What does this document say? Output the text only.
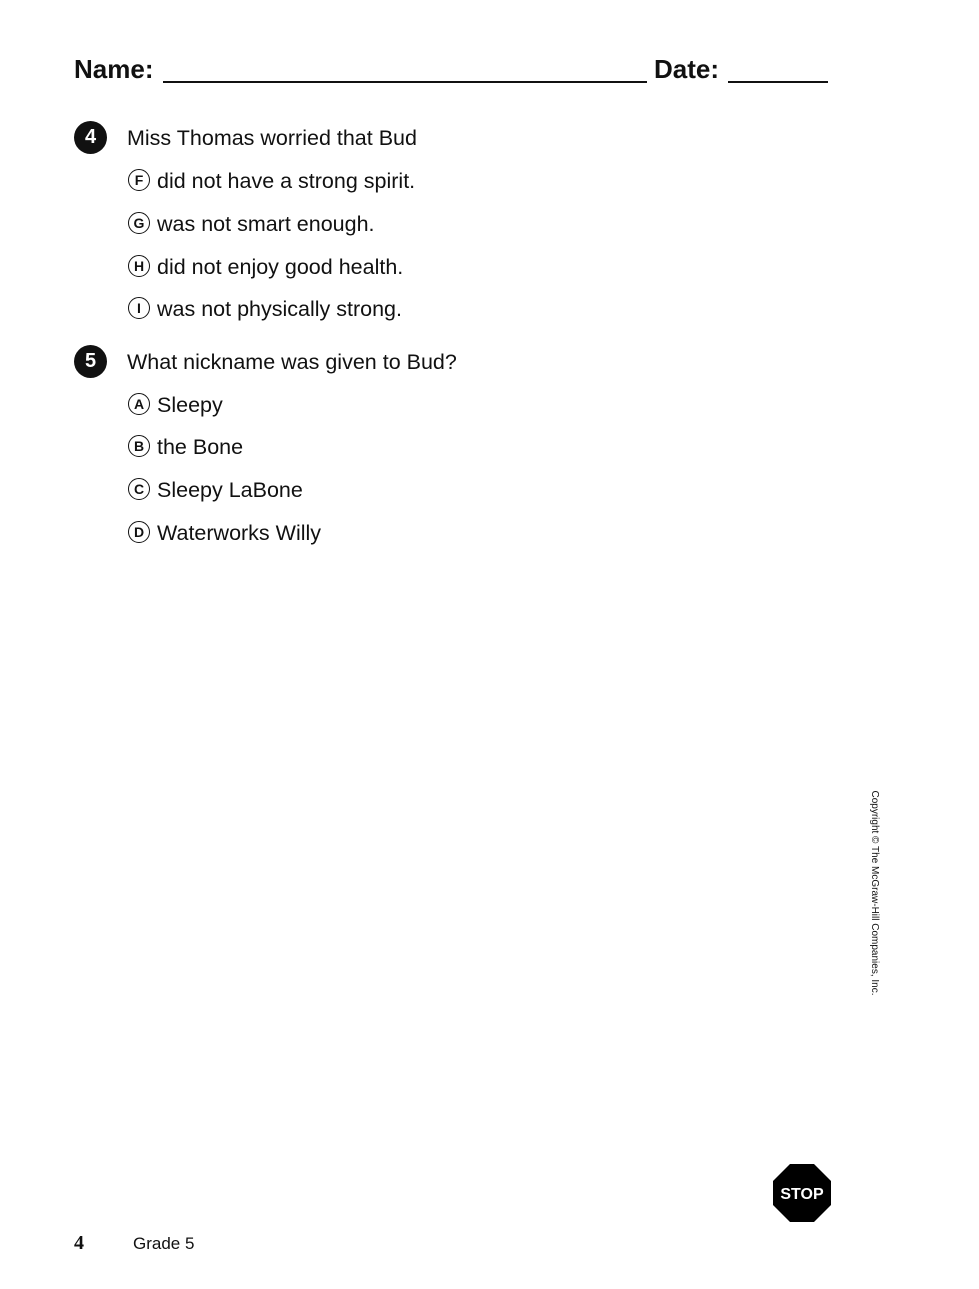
Name:	Date:
4	Miss Thomas worried that Bud
F did not have a strong spirit.
G was not smart enough.
H did not enjoy good health.
I was not physically strong.
5	What nickname was given to Bud?
A Sleepy
B the Bone
C Sleepy LaBone
D Waterworks Willy
Copyright © The McGraw-Hill Companies, Inc.
STOP
4	Grade 5
